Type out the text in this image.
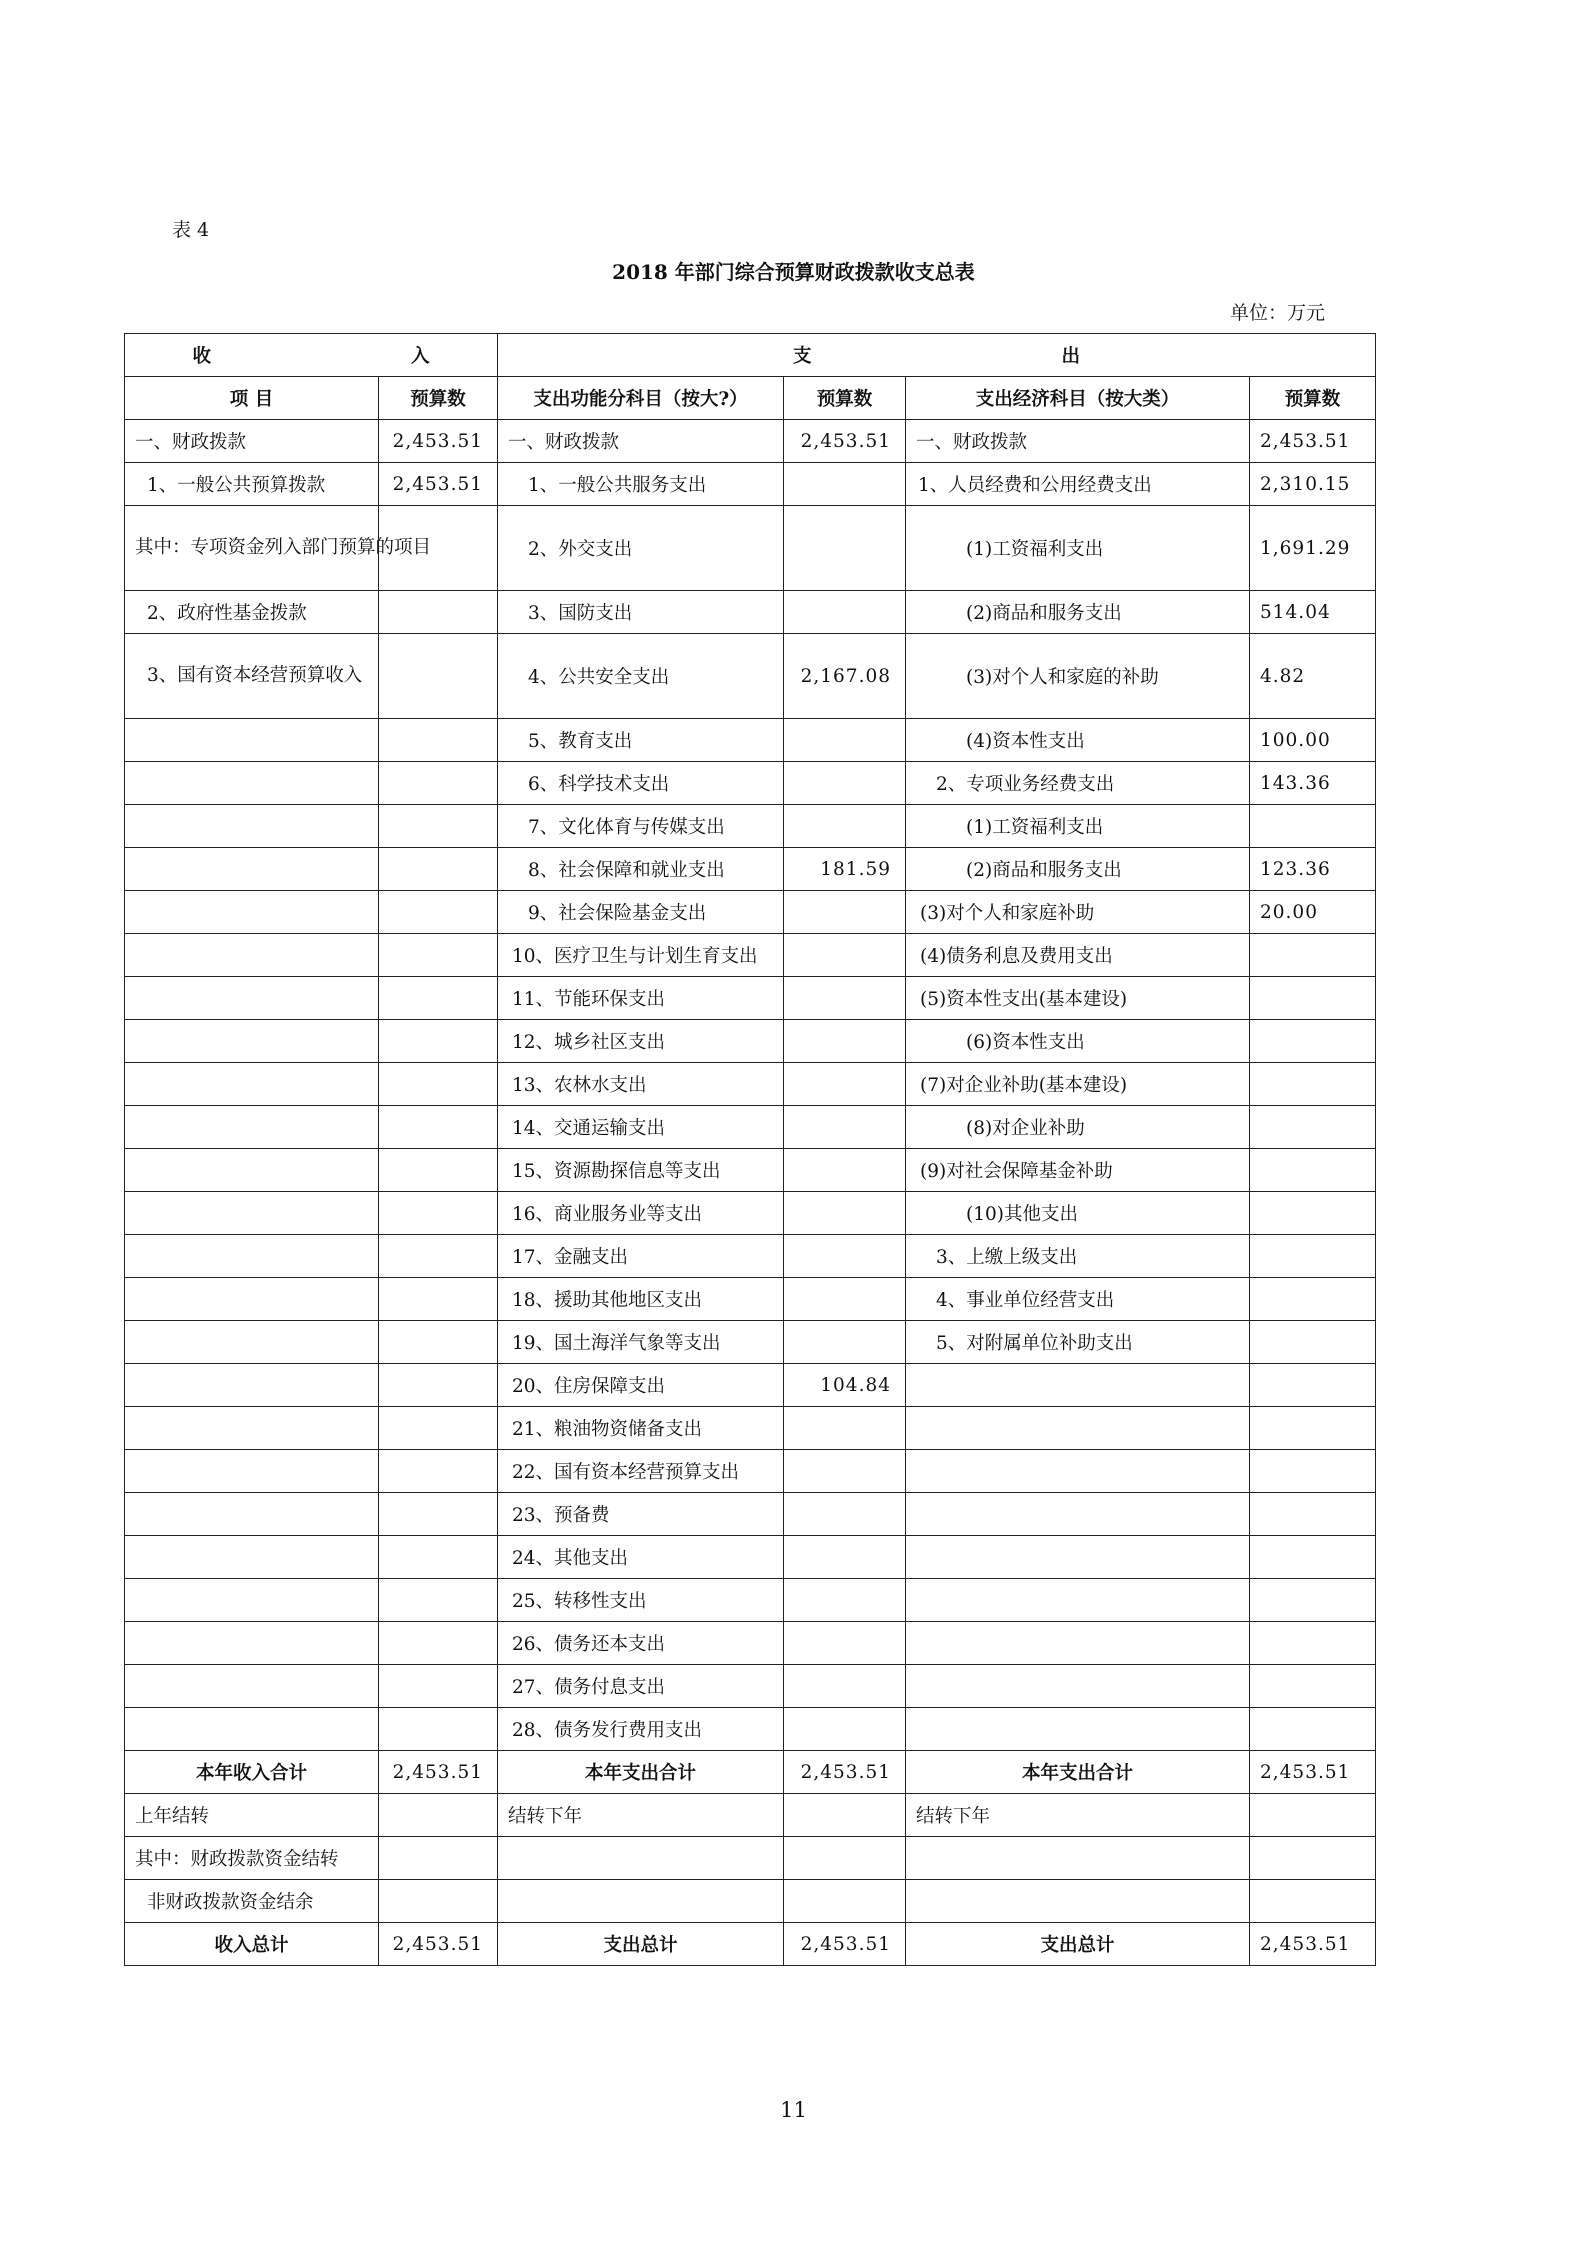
表 4
2018 年部门综合预算财政拨款收支总表
单位：万元
收 入		支 出			
项 目	预算数	支出功能分科目（按大?）	预算数	支出经济科目（按大类）	预算数
一、财政拨款	2,453.51	一、财政拨款	2,453.51	一、财政拨款	2,453.51
1、一般公共预算拨款	2,453.51	1、一般公共服务支出		1、人员经费和公用经费支出	2,310.15
其中：专项资金列入部门预算的项目		2、外交支出		(1)工资福利支出	1,691.29
2、政府性基金拨款		3、国防支出		(2)商品和服务支出	514.04
3、国有资本经营预算收入		4、公共安全支出	2,167.08	(3)对个人和家庭的补助	4.82
		5、教育支出		(4)资本性支出	100.00
		6、科学技术支出		2、专项业务经费支出	143.36
		7、文化体育与传媒支出		(1)工资福利支出	
		8、社会保障和就业支出	181.59	(2)商品和服务支出	123.36
		9、社会保险基金支出		(3)对个人和家庭补助	20.00
		10、医疗卫生与计划生育支出		(4)债务利息及费用支出	
		11、节能环保支出		(5)资本性支出(基本建设)	
		12、城乡社区支出		(6)资本性支出	
		13、农林水支出		(7)对企业补助(基本建设)	
		14、交通运输支出		(8)对企业补助	
		15、资源勘探信息等支出		(9)对社会保障基金补助	
		16、商业服务业等支出		(10)其他支出	
		17、金融支出		3、上缴上级支出	
		18、援助其他地区支出		4、事业单位经营支出	
		19、国土海洋气象等支出		5、对附属单位补助支出	
		20、住房保障支出	104.84		
		21、粮油物资储备支出			
		22、国有资本经营预算支出			
		23、预备费			
		24、其他支出			
		25、转移性支出			
		26、债务还本支出			
		27、债务付息支出			
		28、债务发行费用支出			
本年收入合计	2,453.51	本年支出合计	2,453.51	本年支出合计	2,453.51
上年结转		结转下年		结转下年	
其中：财政拨款资金结转					
非财政拨款资金结余					
收入总计	2,453.51	支出总计	2,453.51	支出总计	2,453.51
11
